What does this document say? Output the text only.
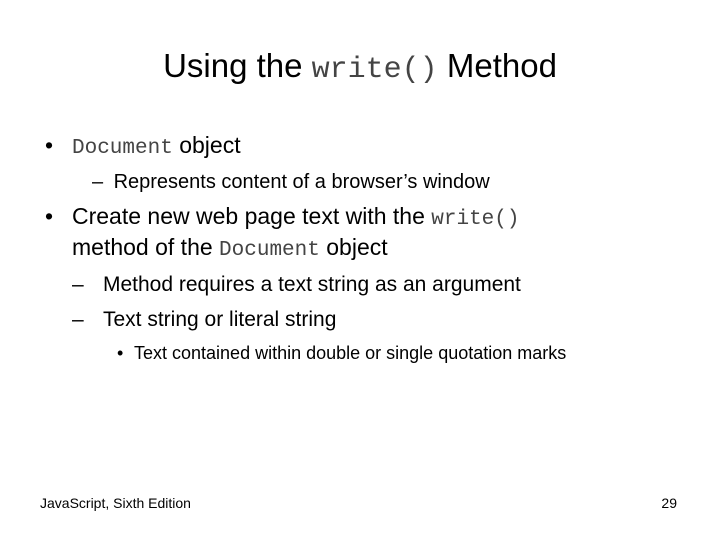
Using the write() Method
• Document object
– Represents content of a browser’s window
• Create new web page text with the write()
method of the Document object
– Method requires a text string as an argument
– Text string or literal string
• Text contained within double or single quotation marks
JavaScript, Sixth Edition	29
